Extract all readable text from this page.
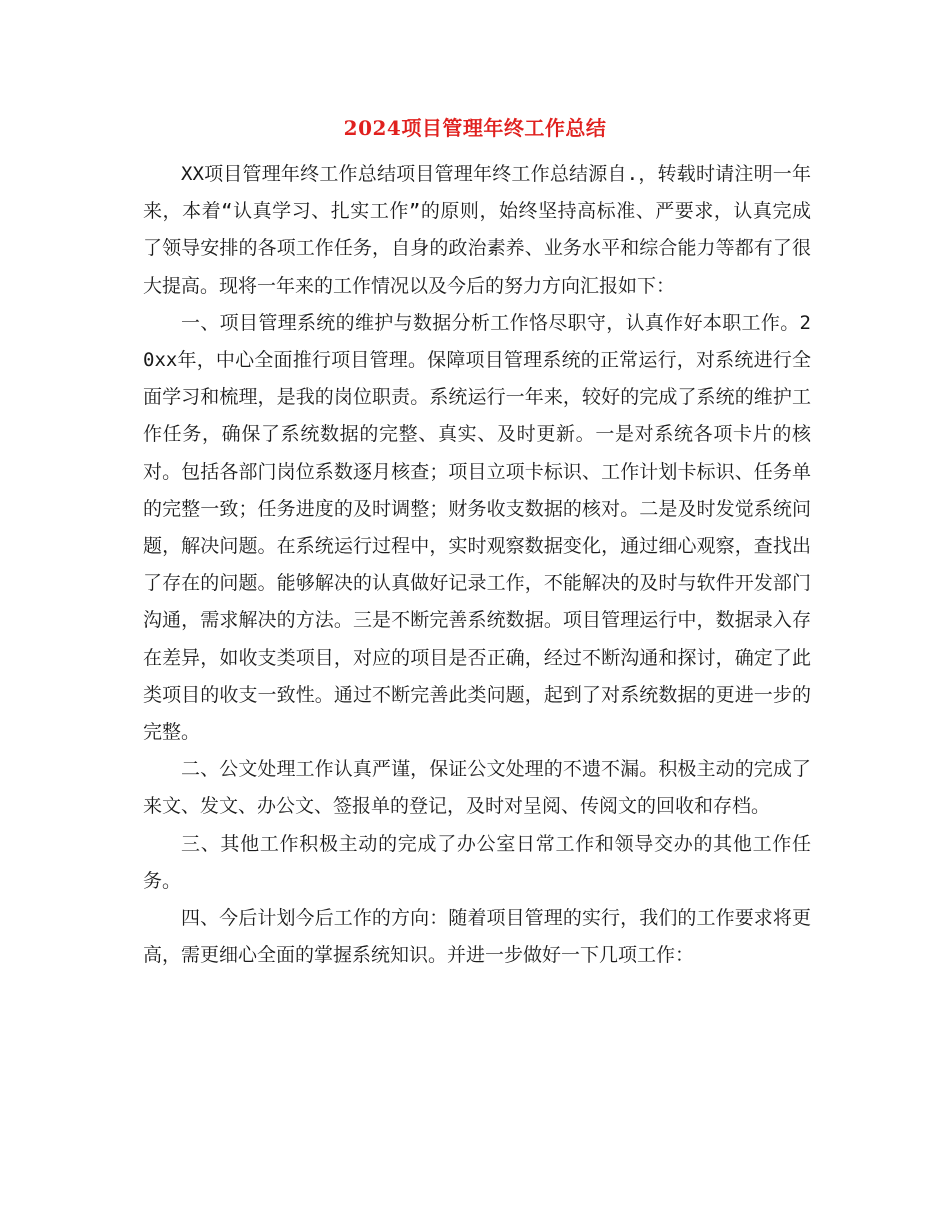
2024项目管理年终工作总结

XX项目管理年终工作总结项目管理年终工作总结源自.，转载时请注明一年来，本着“认真学习、扎实工作”的原则，始终坚持高标准、严要求，认真完成了领导安排的各项工作任务，自身的政治素养、业务水平和综合能力等都有了很大提高。现将一年来的工作情况以及今后的努力方向汇报如下：

一、项目管理系统的维护与数据分析工作恪尽职守，认真作好本职工作。20xx年，中心全面推行项目管理。保障项目管理系统的正常运行，对系统进行全面学习和梳理，是我的岗位职责。系统运行一年来，较好的完成了系统的维护工作任务，确保了系统数据的完整、真实、及时更新。一是对系统各项卡片的核对。包括各部门岗位系数逐月核查；项目立项卡标识、工作计划卡标识、任务单的完整一致；任务进度的及时调整；财务收支数据的核对。二是及时发觉系统问题，解决问题。在系统运行过程中，实时观察数据变化，通过细心观察，查找出了存在的问题。能够解决的认真做好记录工作，不能解决的及时与软件开发部门沟通，需求解决的方法。三是不断完善系统数据。项目管理运行中，数据录入存在差异，如收支类项目，对应的项目是否正确，经过不断沟通和探讨，确定了此类项目的收支一致性。通过不断完善此类问题，起到了对系统数据的更进一步的完整。

二、公文处理工作认真严谨，保证公文处理的不遗不漏。积极主动的完成了来文、发文、办公文、签报单的登记，及时对呈阅、传阅文的回收和存档。

三、其他工作积极主动的完成了办公室日常工作和领导交办的其他工作任务。

四、今后计划今后工作的方向：随着项目管理的实行，我们的工作要求将更高，需更细心全面的掌握系统知识。并进一步做好一下几项工作：
